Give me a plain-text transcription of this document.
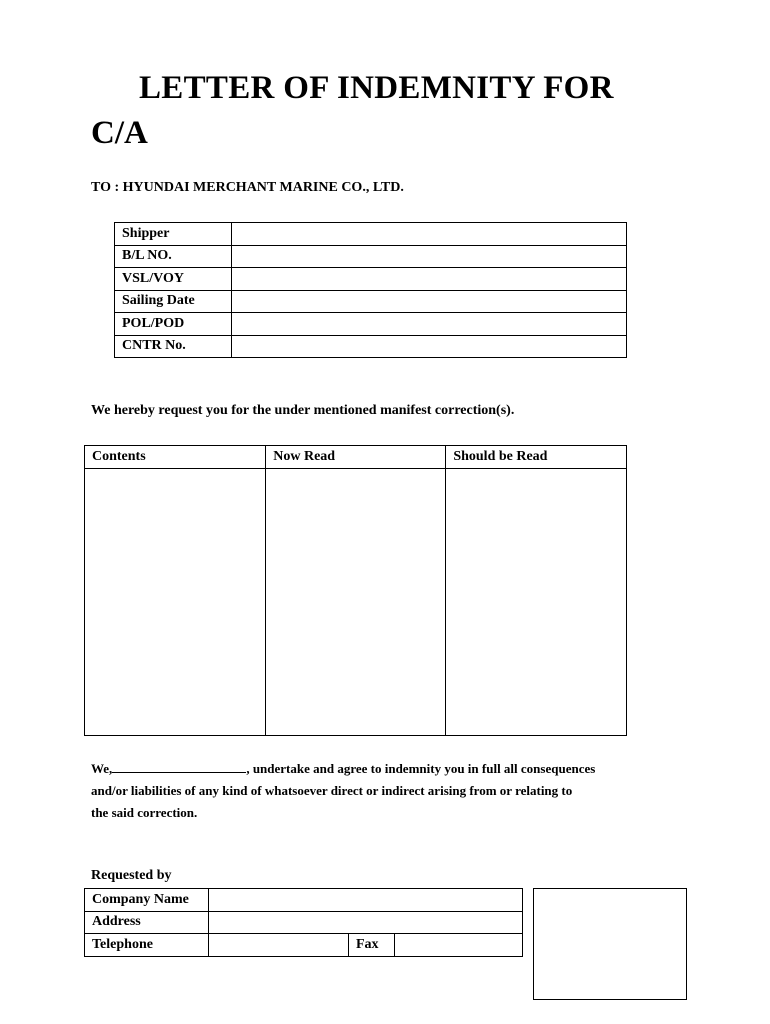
LETTER OF INDEMNITY FOR
C/A
TO : HYUNDAI MERCHANT MARINE CO., LTD.
Shipper	
B/L NO.	
VSL/VOY	
Sailing Date	
POL/POD	
CNTR No.	
We hereby request you for the under mentioned manifest correction(s).
Contents	Now Read	Should be Read

We,	, undertake and agree to indemnity you in full all consequences
and/or liabilities of any kind of whatsoever direct or indirect arising from or relating to
the said correction.
Requested by
Company Name			
Address			
Telephone		Fax	
